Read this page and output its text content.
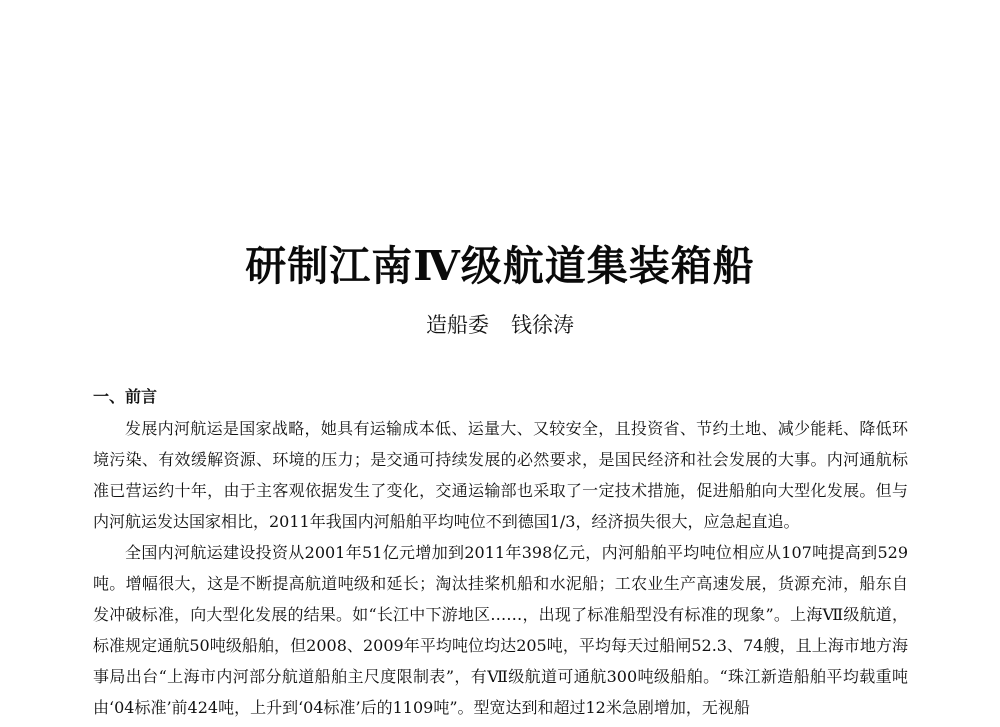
研制江南Ⅳ级航道集装箱船
造船委 钱徐涛
一、前言

发展内河航运是国家战略，她具有运输成本低、运量大、又较安全，且投资省、节约土地、减少能耗、降低环境污染、有效缓解资源、环境的压力；是交通可持续发展的必然要求，是国民经济和社会发展的大事。内河通航标准已营运约十年，由于主客观依据发生了变化，交通运输部也采取了一定技术措施，促进船舶向大型化发展。但与内河航运发达国家相比，2011年我国内河船舶平均吨位不到德国1/3，经济损失很大，应急起直追。

全国内河航运建设投资从2001年51亿元增加到2011年398亿元，内河船舶平均吨位相应从107吨提高到529吨。增幅很大，这是不断提高航道吨级和延长；淘汰挂桨机船和水泥船；工农业生产高速发展，货源充沛，船东自发冲破标准，向大型化发展的结果。如“长江中下游地区……，出现了标准船型没有标准的现象”。上海Ⅶ级航道，标准规定通航50吨级船舶，但2008、2009年平均吨位均达205吨，平均每天过船闸52.3、74艘，且上海市地方海事局出台“上海市内河部分航道船舶主尺度限制表”，有Ⅶ级航道可通航300吨级船舶。“珠江新造船舶平均载重吨由‘04标准’前424吨，上升到‘04标准’后的1109吨”。型宽达到和超过12米急剧增加，无视船
